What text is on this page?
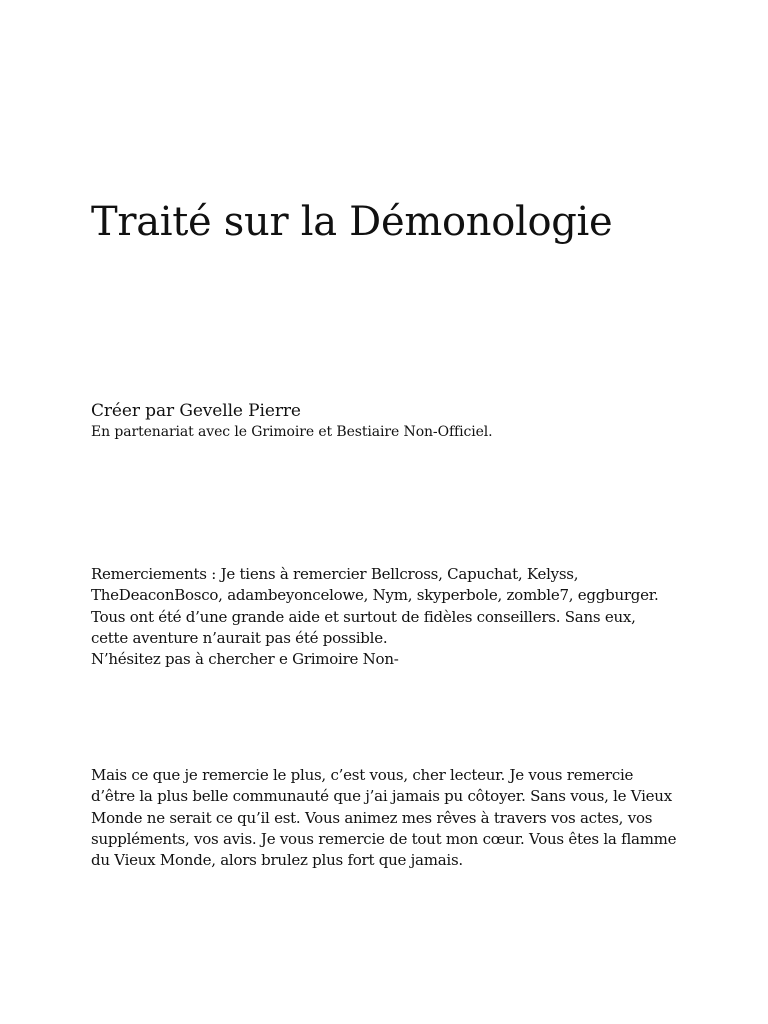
Traité sur la Démonologie

Créer par Gevelle Pierre

En partenariat avec le Grimoire et Bestiaire Non-Officiel.

Remerciements : Je tiens à remercier Bellcross, Capuchat, Kelyss, TheDeaconBosco, adambeyoncelowe, Nym, skyperbole, zomble7, eggburger.

Tous ont été d’une grande aide et surtout de fidèles conseillers. Sans eux, cette aventure n’aurait pas été possible.

N’hésitez pas à chercher e Grimoire Non-

Mais ce que je remercie le plus, c’est vous, cher lecteur. Je vous remercie d’être la plus belle communauté que j’ai jamais pu côtoyer. Sans vous, le Vieux Monde ne serait ce qu’il est. Vous animez mes rêves à travers vos actes, vos suppléments, vos avis. Je vous remercie de tout mon cœur. Vous êtes la flamme du Vieux Monde, alors brulez plus fort que jamais.
